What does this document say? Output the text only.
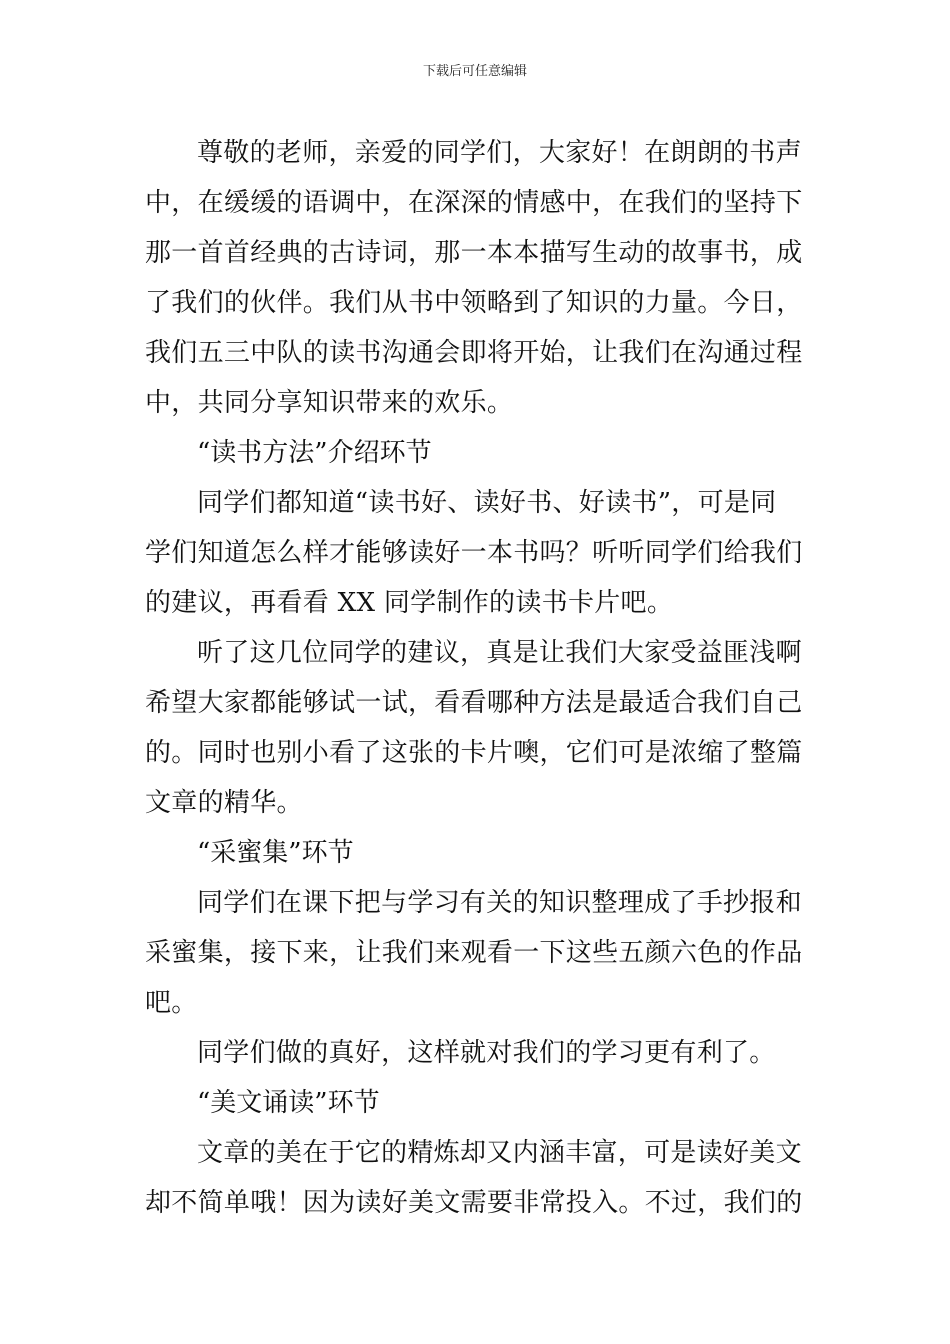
下载后可任意编辑
尊敬的老师，亲爱的同学们，大家好！在朗朗的书声
中，在缓缓的语调中，在深深的情感中，在我们的坚持下
那一首首经典的古诗词，那一本本描写生动的故事书，成
了我们的伙伴。我们从书中领略到了知识的力量。今日，
我们五三中队的读书沟通会即将开始，让我们在沟通过程
中，共同分享知识带来的欢乐。
“读书方法”介绍环节
同学们都知道“读书好、读好书、好读书”，可是同
学们知道怎么样才能够读好一本书吗？听听同学们给我们
的建议，再看看 XX 同学制作的读书卡片吧。
听了这几位同学的建议，真是让我们大家受益匪浅啊
希望大家都能够试一试，看看哪种方法是最适合我们自己
的。同时也别小看了这张的卡片噢，它们可是浓缩了整篇
文章的精华。
“采蜜集”环节
同学们在课下把与学习有关的知识整理成了手抄报和
采蜜集，接下来，让我们来观看一下这些五颜六色的作品
吧。
同学们做的真好，这样就对我们的学习更有利了。
“美文诵读”环节
文章的美在于它的精炼却又内涵丰富，可是读好美文
却不简单哦！因为读好美文需要非常投入。不过，我们的
